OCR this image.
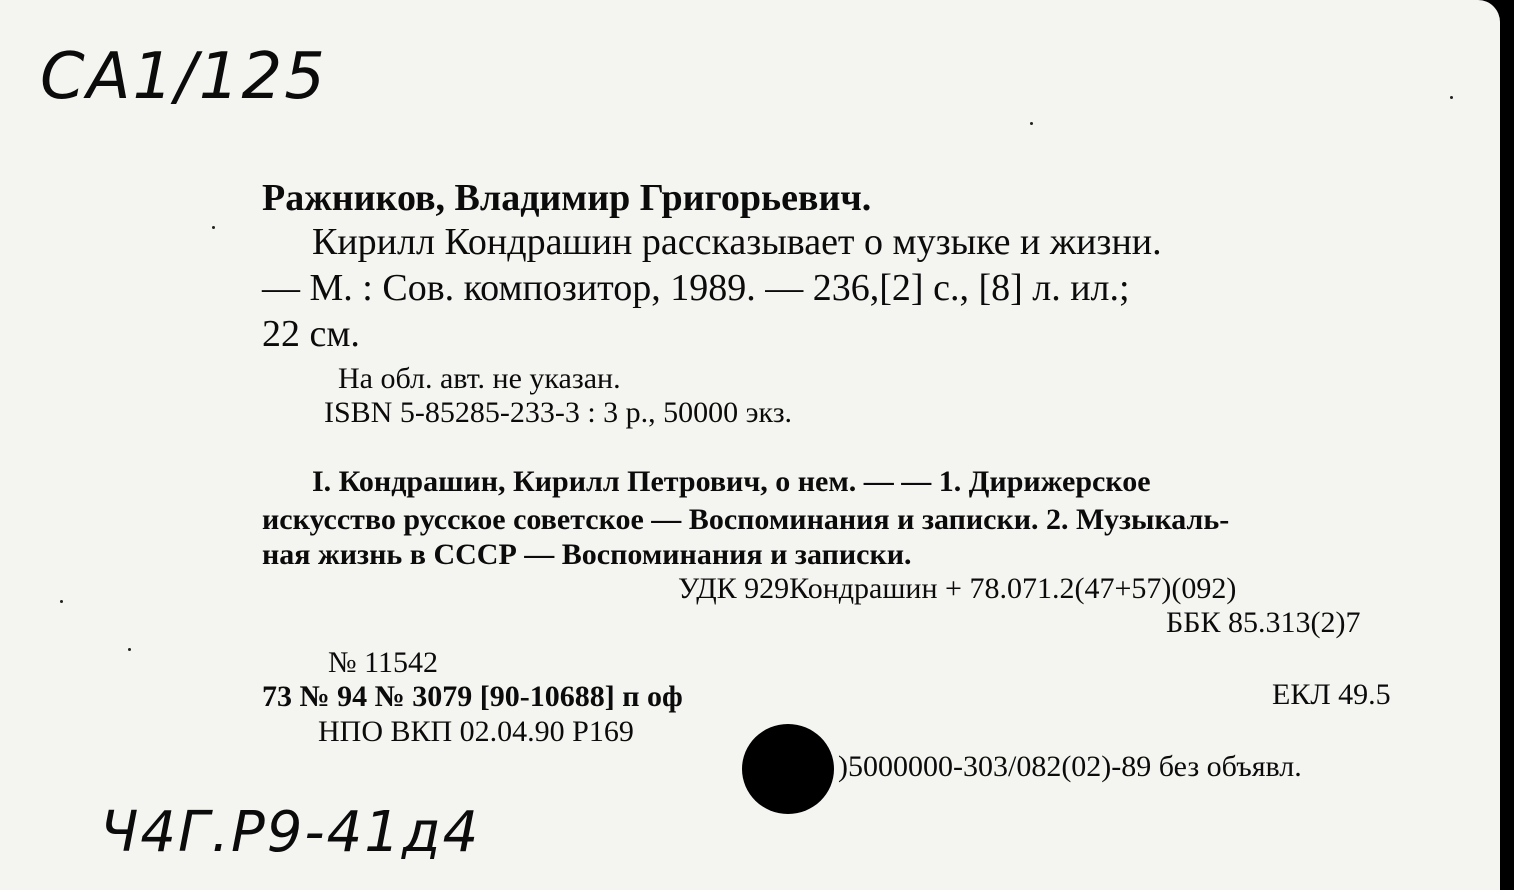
CA1/125
Ражников, Владимир Григорьевич.
Кирилл Кондрашин рассказывает о музыке и жизни.
— М. : Сов. композитор, 1989. — 236,[2] с., [8] л. ил.;
22 см.
На обл. авт. не указан.
ISBN 5-85285-233-3 : 3 р., 50000 экз.
I. Кондрашин, Кирилл Петрович, о нем. — — 1. Дирижерское
искусство русское советское — Воспоминания и записки. 2. Музыкаль-
ная жизнь в СССР — Воспоминания и записки.
УДК 929Кондрашин + 78.071.2(47+57)(092)
ББК 85.313(2)7
№ 11542
73 № 94 № 3079 [90-10688] п оф	ЕКЛ 49.5
НПО ВКП 02.04.90 Р169
)5000000-303/082(02)-89 без объявл.
Ч4Г.Р9-41д4
